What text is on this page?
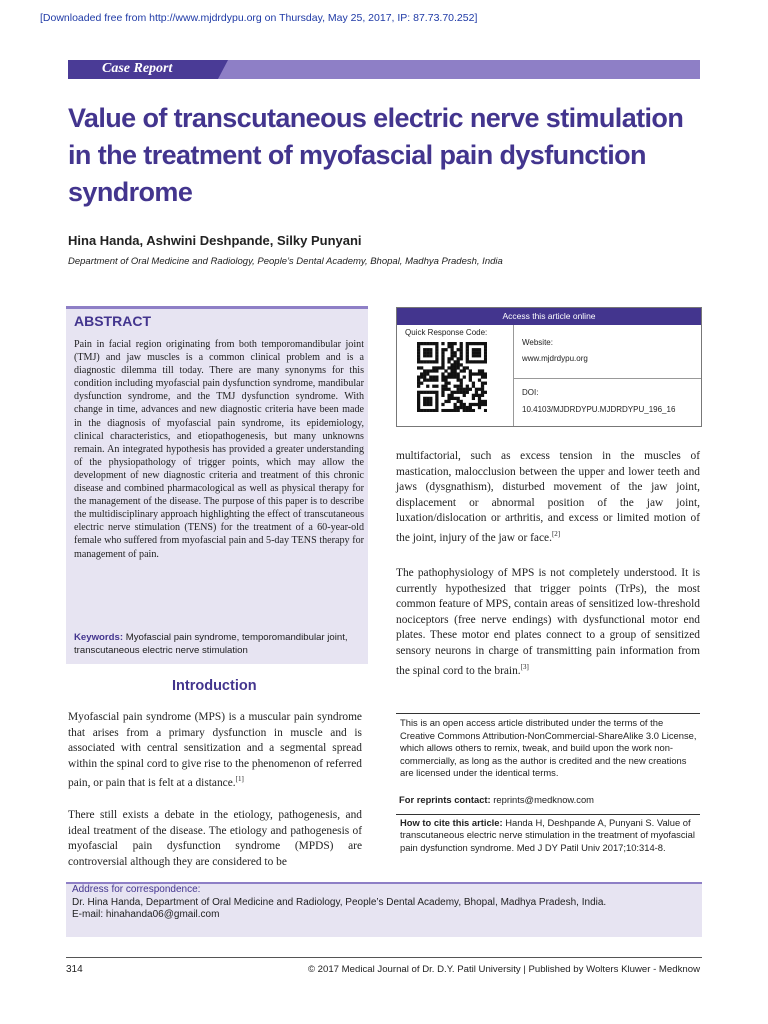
[Downloaded free from http://www.mjdrdypu.org on Thursday, May 25, 2017, IP: 87.73.70.252]
Case Report
Value of transcutaneous electric nerve stimulation in the treatment of myofascial pain dysfunction syndrome
Hina Handa, Ashwini Deshpande, Silky Punyani
Department of Oral Medicine and Radiology, People’s Dental Academy, Bhopal, Madhya Pradesh, India
ABSTRACT
Pain in facial region originating from both temporomandibular joint (TMJ) and jaw muscles is a common clinical problem and is a diagnostic dilemma till today. There are many synonyms for this condition including myofascial pain dysfunction syndrome, mandibular dysfunction syndrome, and the TMJ dysfunction syndrome. With change in time, advances and new diagnostic criteria have been made in the diagnosis of myofascial pain syndrome, its epidemiology, clinical characteristics, and etiopathogenesis, but many unknowns remain. An integrated hypothesis has provided a greater understanding of the physiopathology of trigger points, which may allow the development of new diagnostic criteria and treatment of this chronic disease and combined pharmacological as well as physical therapy for the management of the disease. The purpose of this paper is to describe the multidisciplinary approach highlighting the effect of transcutaneous electric nerve stimulation (TENS) for the treatment of a 60-year-old female who suffered from myofascial pain and 5-day TENS therapy for management of pain.
Keywords: Myofascial pain syndrome, temporomandibular joint, transcutaneous electric nerve stimulation
Access this article online
Quick Response Code:
Website:
www.mjdrdypu.org
DOI:
10.4103/MJDRDYPU.MJDRDYPU_196_16
Introduction
Myofascial pain syndrome (MPS) is a muscular pain syndrome that arises from a primary dysfunction in muscle and is associated with central sensitization and a segmental spread within the spinal cord to give rise to the phenomenon of referred pain, or pain that is felt at a distance.[1]
There still exists a debate in the etiology, pathogenesis, and ideal treatment of the disease. The etiology and pathogenesis of myofascial pain dysfunction syndrome (MPDS) are controversial although they are considered to be
multifactorial, such as excess tension in the muscles of mastication, malocclusion between the upper and lower teeth and jaws (dysgnathism), disturbed movement of the jaw joint, displacement or abnormal position of the jaw joint, luxation/dislocation or arthritis, and excess or limited motion of the joint, injury of the jaw or face.[2]
The pathophysiology of MPS is not completely understood. It is currently hypothesized that trigger points (TrPs), the most common feature of MPS, contain areas of sensitized low-threshold nociceptors (free nerve endings) with dysfunctional motor end plates. These motor end plates connect to a group of sensitized sensory neurons in charge of transmitting pain information from the spinal cord to the brain.[3]
This is an open access article distributed under the terms of the Creative Commons Attribution-NonCommercial-ShareAlike 3.0 License, which allows others to remix, tweak, and build upon the work non-commercially, as long as the author is credited and the new creations are licensed under the identical terms.
For reprints contact: reprints@medknow.com
How to cite this article: Handa H, Deshpande A, Punyani S. Value of transcutaneous electric nerve stimulation in the treatment of myofascial pain dysfunction syndrome. Med J DY Patil Univ 2017;10:314-8.
Address for correspondence:
Dr. Hina Handa, Department of Oral Medicine and Radiology, People’s Dental Academy, Bhopal, Madhya Pradesh, India.
E-mail: hinahanda06@gmail.com
314	© 2017 Medical Journal of Dr. D.Y. Patil University | Published by Wolters Kluwer - Medknow
